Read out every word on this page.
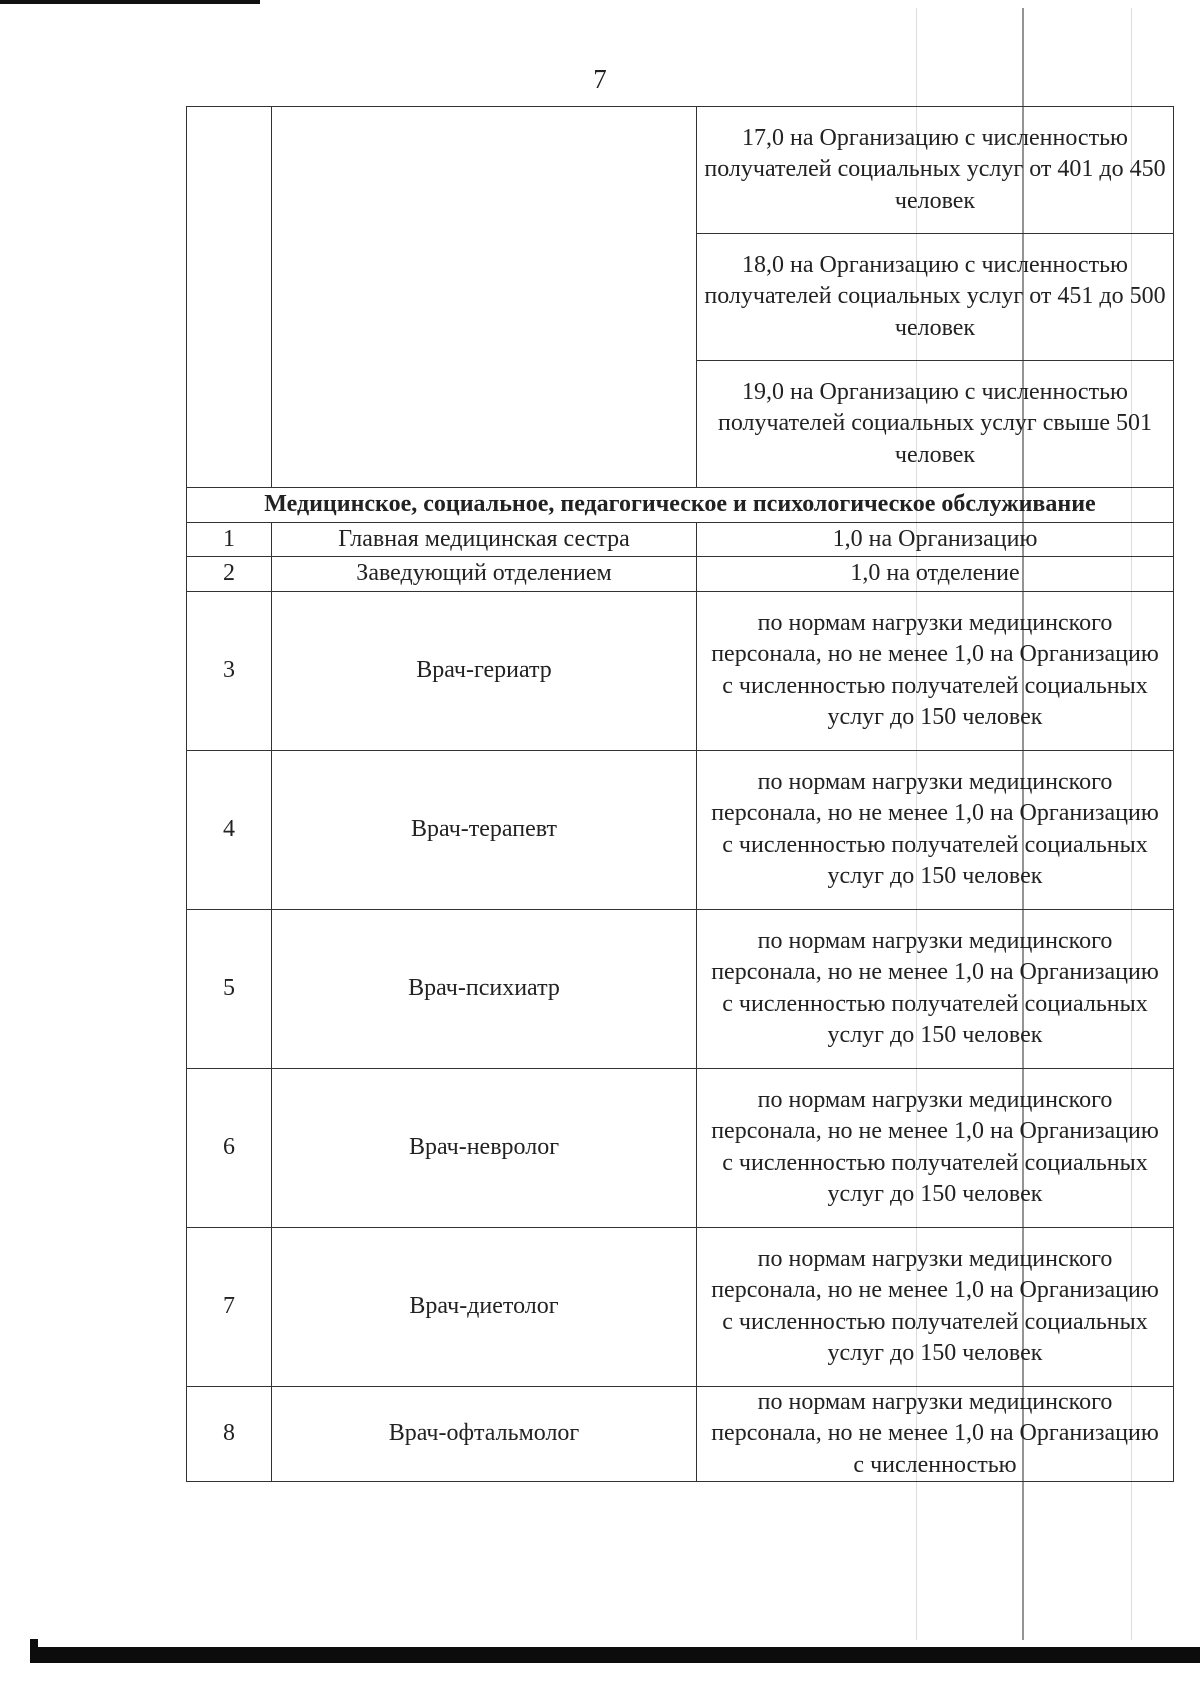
7
		17,0 на Организацию с численностью получателей социальных услуг от 401 до 450 человек
		18,0 на Организацию с численностью получателей социальных услуг от 451 до 500 человек
		19,0 на Организацию с численностью получателей социальных услуг свыше 501 человек
Медицинское, социальное, педагогическое и психологическое обслуживание		
1	Главная медицинская сестра	1,0 на Организацию
2	Заведующий отделением	1,0 на отделение
3	Врач-гериатр	по нормам нагрузки медицинского персонала, но не менее 1,0 на Организацию с численностью получателей социальных услуг до 150 человек
4	Врач-терапевт	по нормам нагрузки медицинского персонала, но не менее 1,0 на Организацию с численностью получателей социальных услуг до 150 человек
5	Врач-психиатр	по нормам нагрузки медицинского персонала, но не менее 1,0 на Организацию с численностью получателей социальных услуг до 150 человек
6	Врач-невролог	по нормам нагрузки медицинского персонала, но не менее 1,0 на Организацию с численностью получателей социальных услуг до 150 человек
7	Врач-диетолог	по нормам нагрузки медицинского персонала, но не менее 1,0 на Организацию с численностью получателей социальных услуг до 150 человек
8	Врач-офтальмолог	по нормам нагрузки медицинского персонала, но не менее 1,0 на Организацию с численностью
